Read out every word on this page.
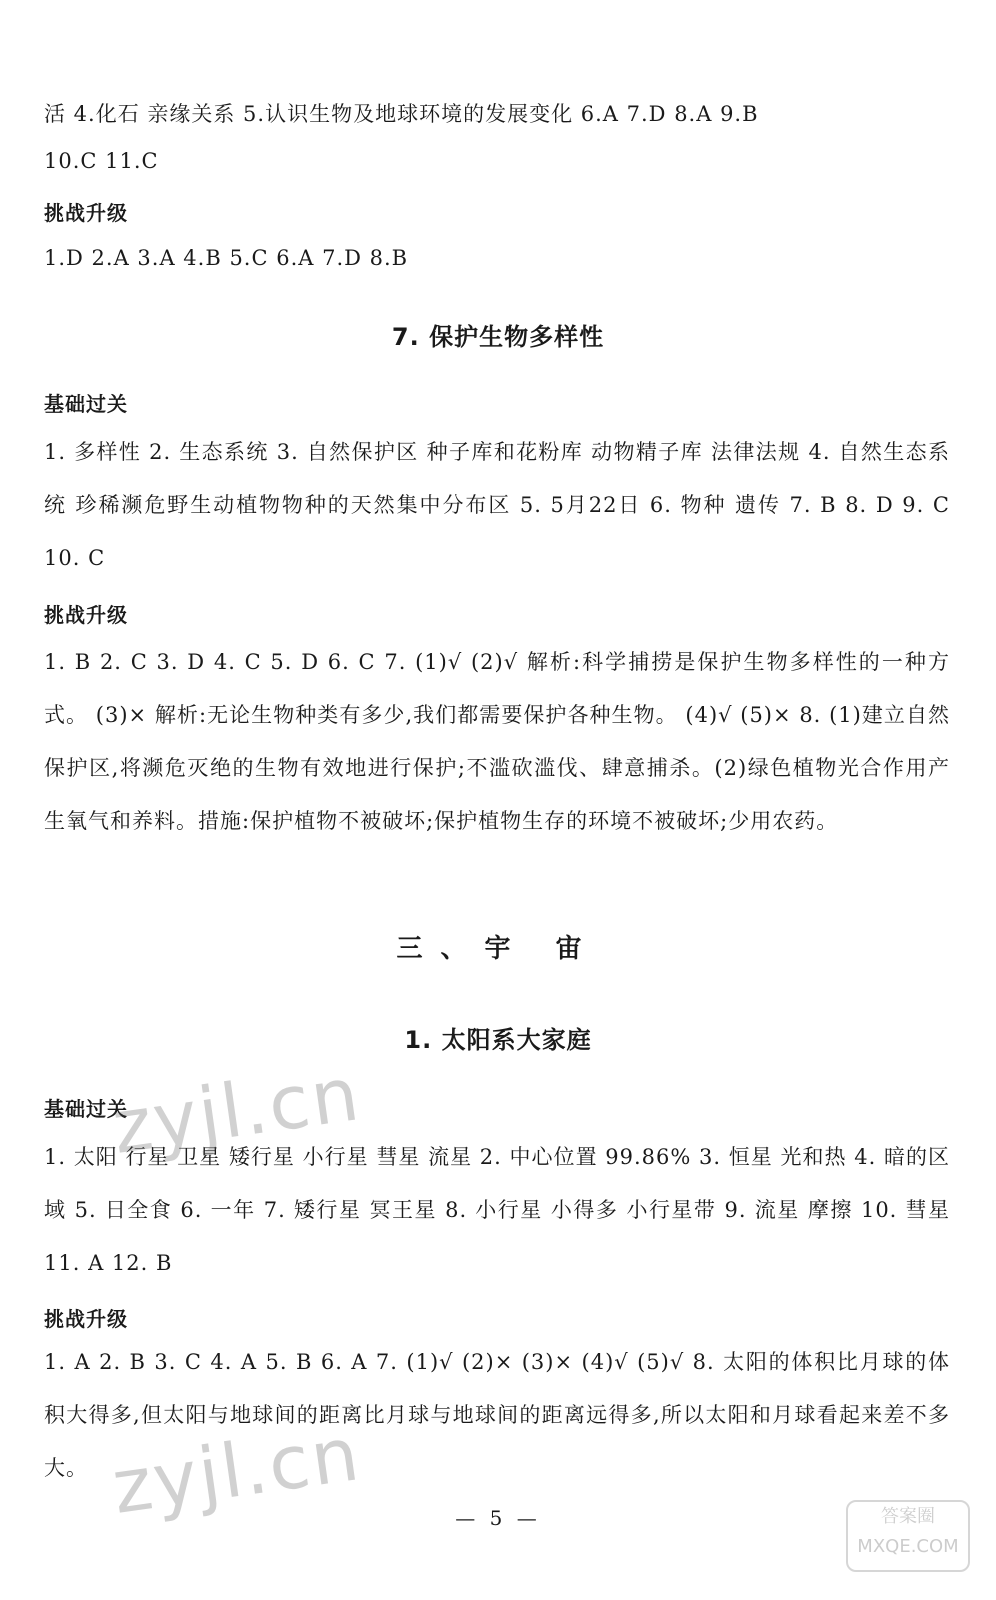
活 4.化石 亲缘关系 5.认识生物及地球环境的发展变化 6.A 7.D 8.A 9.B

10.C 11.C

挑战升级

1.D 2.A 3.A 4.B 5.C 6.A 7.D 8.B

7. 保护生物多样性

基础过关

1. 多样性 2. 生态系统 3. 自然保护区 种子库和花粉库 动物精子库 法律法规 4. 自然生态系统 珍稀濒危野生动植物物种的天然集中分布区 5. 5月22日 6. 物种 遗传 7. B 8. D 9. C 10. C

挑战升级

1. B 2. C 3. D 4. C 5. D 6. C 7. (1)√ (2)√ 解析:科学捕捞是保护生物多样性的一种方式。 (3)× 解析:无论生物种类有多少,我们都需要保护各种生物。 (4)√ (5)× 8. (1)建立自然保护区,将濒危灭绝的生物有效地进行保护;不滥砍滥伐、肆意捕杀。(2)绿色植物光合作用产生氧气和养料。措施:保护植物不被破坏;保护植物生存的环境不被破坏;少用农药。

三、宇 宙
1. 太阳系大家庭

基础过关

1. 太阳 行星 卫星 矮行星 小行星 彗星 流星 2. 中心位置 99.86% 3. 恒星 光和热 4. 暗的区域 5. 日全食 6. 一年 7. 矮行星 冥王星 8. 小行星 小得多 小行星带 9. 流星 摩擦 10. 彗星 11. A 12. B

挑战升级

1. A 2. B 3. C 4. A 5. B 6. A 7. (1)√ (2)× (3)× (4)√ (5)√ 8. 太阳的体积比月球的体积大得多,但太阳与地球间的距离比月球与地球间的距离远得多,所以太阳和月球看起来差不多大。

— 5 —
zyjl.cn
zyjl.cn	答案圈
MXQE.COM
